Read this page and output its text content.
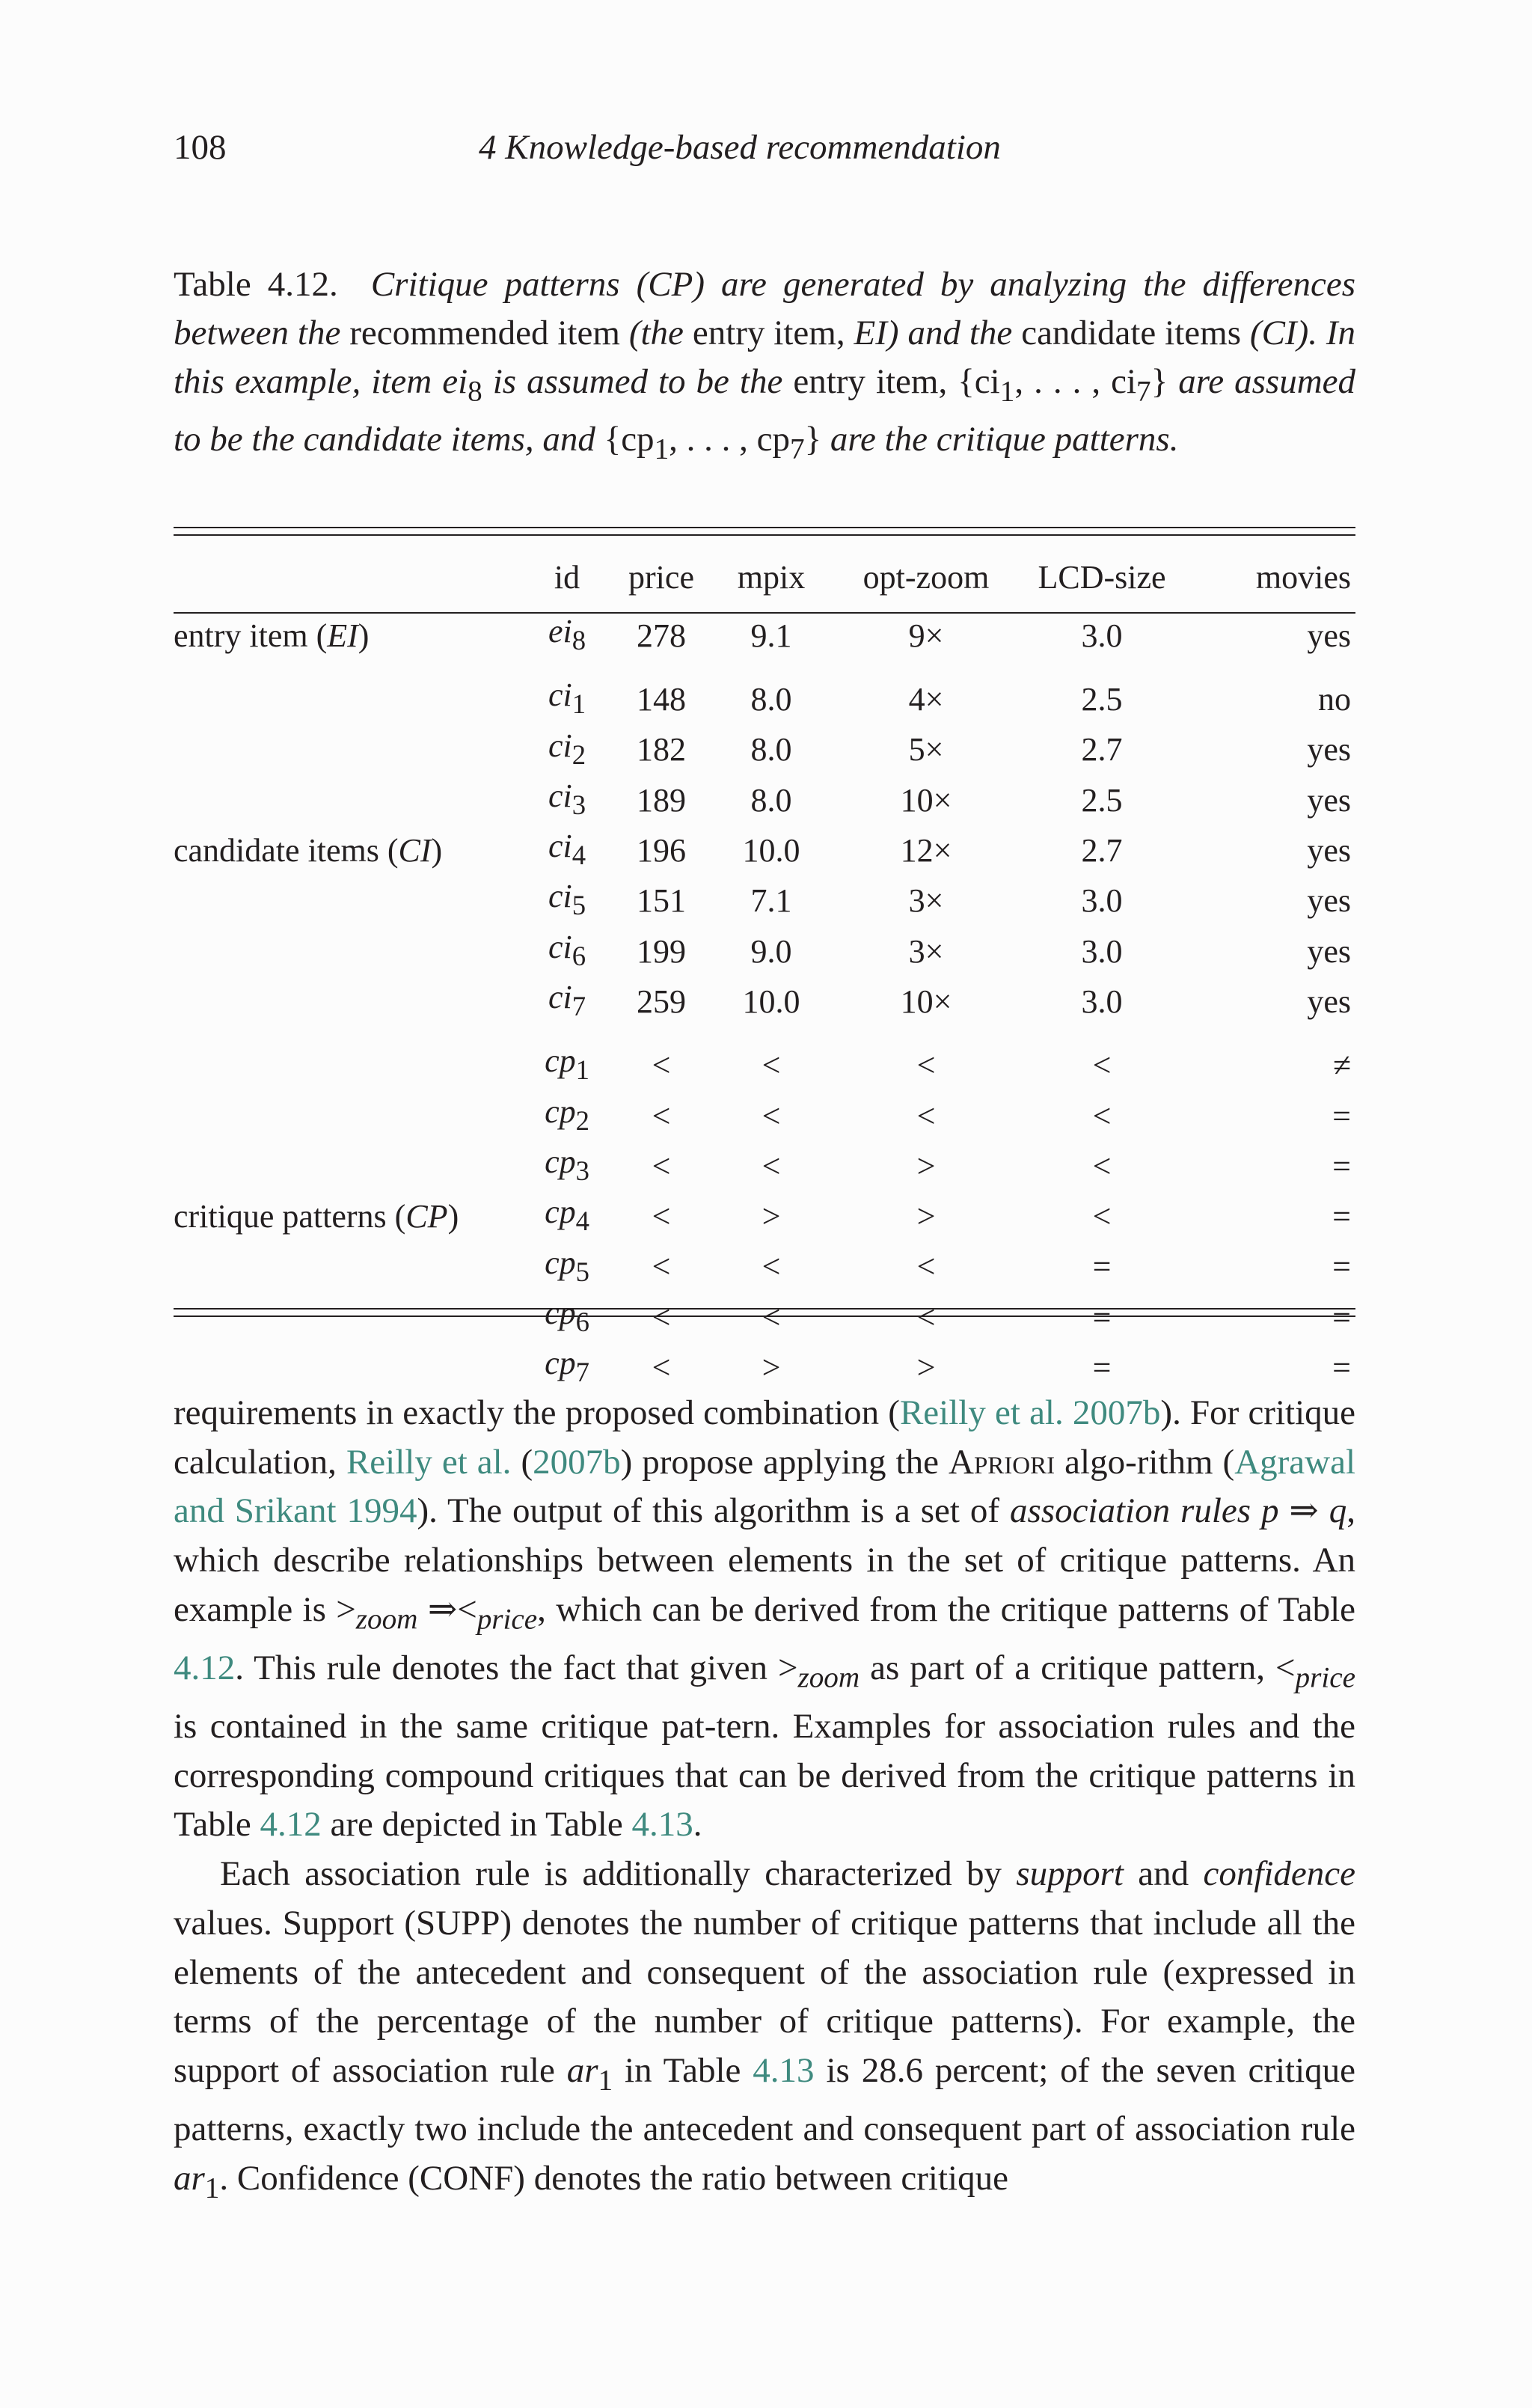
108	4 Knowledge-based recommendation
Table 4.12. Critique patterns (CP) are generated by analyzing the differences between the recommended item (the entry item, EI) and the candidate items (CI). In this example, item $ei_8$ is assumed to be the entry item, {$ci_1$, . . . , $ci_7$} are assumed to be the candidate items, and {$cp_1$, . . . , $cp_7$} are the critique patterns.
	id	price	mpix	opt-zoom	LCD-size	movies
entry item (EI)	$ei_8$	278	9.1	9×	3.0	yes

	$ci_1$	148	8.0	4×	2.5	no
	$ci_2$	182	8.0	5×	2.7	yes
	$ci_3$	189	8.0	10×	2.5	yes
candidate items (CI)	$ci_4$	196	10.0	12×	2.7	yes
	$ci_5$	151	7.1	3×	3.0	yes
	$ci_6$	199	9.0	3×	3.0	yes
	$ci_7$	259	10.0	10×	3.0	yes

	$cp_1$	<	<	<	<	≠
	$cp_2$	<	<	<	<	=
	$cp_3$	<	<	>	<	=
critique patterns (CP)	$cp_4$	<	>	>	<	=
	$cp_5$	<	<	<	=	=
	$cp_6$	<	<	<	=	=
	$cp_7$	<	>	>	=	=

requirements in exactly the proposed combination (Reilly et al. 2007b). For critique calculation, Reilly et al. (2007b) propose applying the Apriori algo-rithm (Agrawal and Srikant 1994). The output of this algorithm is a set of association rules p ⇒ q, which describe relationships between elements in the set of critique patterns. An example is $>_{zoom}$ $\Rightarrow<_{price}$, which can be derived from the critique patterns of Table 4.12. This rule denotes the fact that given $>_{zoom}$ as part of a critique pattern, $<_{price}$ is contained in the same critique pat-tern. Examples for association rules and the corresponding compound critiques that can be derived from the critique patterns in Table 4.12 are depicted in Table 4.13.

Each association rule is additionally characterized by support and confidence values. Support (SUPP) denotes the number of critique patterns that include all the elements of the antecedent and consequent of the association rule (expressed in terms of the percentage of the number of critique patterns). For example, the support of association rule $ar_1$ in Table 4.13 is 28.6 percent; of the seven critique patterns, exactly two include the antecedent and consequent part of association rule $ar_1$. Confidence (CONF) denotes the ratio between critique
